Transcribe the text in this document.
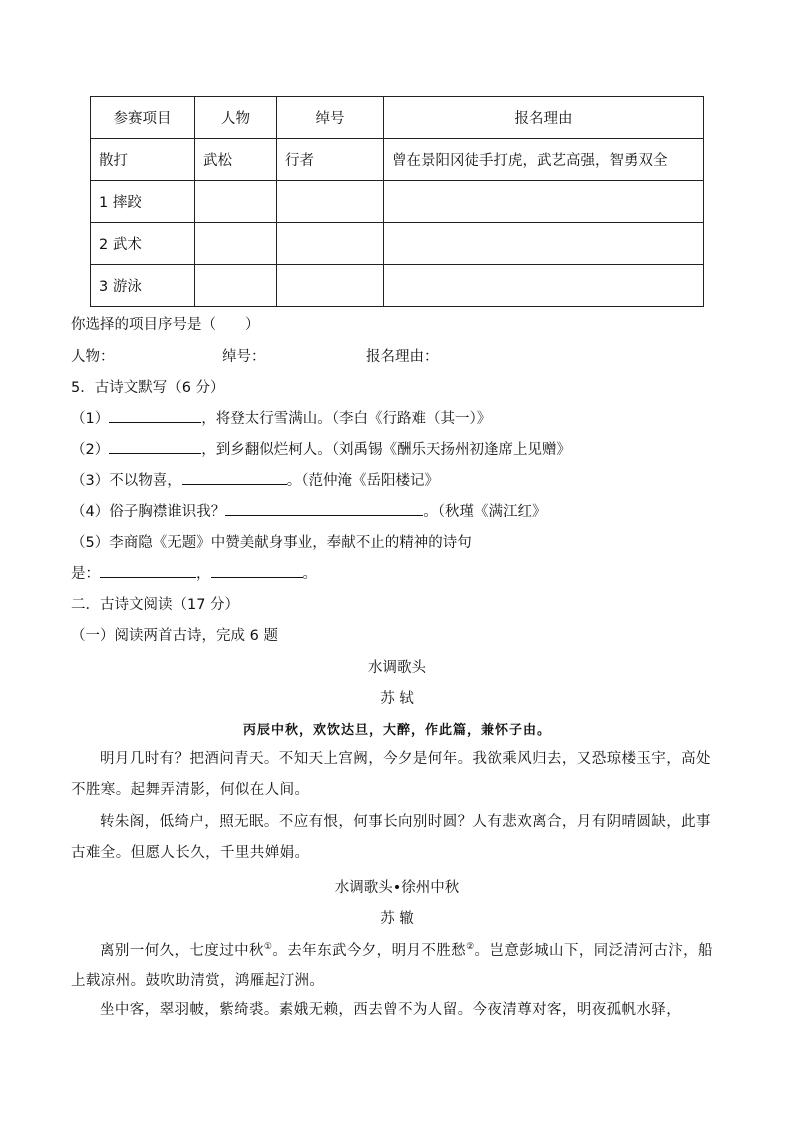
参赛项目	人物	绰号	报名理由
散打	武松	行者	曾在景阳冈徒手打虎，武艺高强，智勇双全
1 摔跤			
2 武术			
3 游泳			
你选择的项目序号是（　　）
人物：	绰号：	报名理由：
5．古诗文默写（6 分）
（1）	，将登太行雪满山。（李白《行路难（其一）》
（2）	，到乡翻似烂柯人。（刘禹锡《酬乐天扬州初逢席上见赠》
（3）不以物喜，	。（范仲淹《岳阳楼记》
（4）俗子胸襟谁识我？	。（秋瑾《满江红》
（5）李商隐《无题》中赞美献身事业，奉献不止的精神的诗句
是：	，	。
二．古诗文阅读（17 分）
（一）阅读两首古诗，完成 6 题
水调歌头
苏 轼
丙辰中秋，欢饮达旦，大醉，作此篇，兼怀子由。
明月几时有？把酒问青天。不知天上宫阙，今夕是何年。我欲乘风归去，又恐琼楼玉宇，高处不胜寒。起舞弄清影，何似在人间。
转朱阁，低绮户，照无眠。不应有恨，何事长向别时圆？人有悲欢离合，月有阴晴圆缺，此事古难全。但愿人长久，千里共婵娟。
水调歌头•徐州中秋
苏 辙
离别一何久，七度过中秋①。去年东武今夕，明月不胜愁②。岂意彭城山下，同泛清河古汴，船上载凉州。鼓吹助清赏，鸿雁起汀洲。
坐中客，翠羽帔，紫绮裘。素娥无赖，西去曾不为人留。今夜清尊对客，明夜孤帆水驿，
